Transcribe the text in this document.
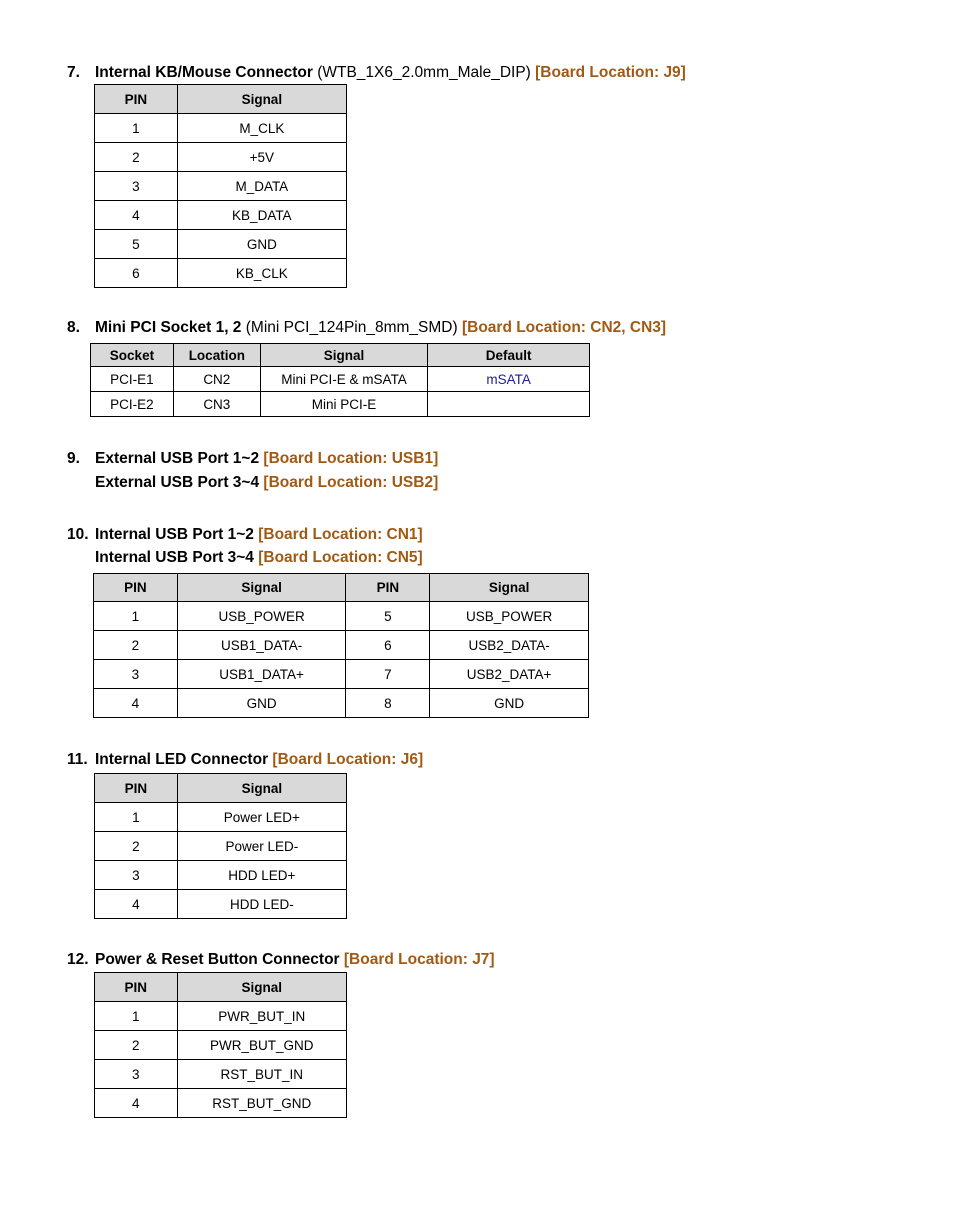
7. Internal KB/Mouse Connector (WTB_1X6_2.0mm_Male_DIP) [Board Location: J9]
PIN	Signal
1	M_CLK
2	+5V
3	M_DATA
4	KB_DATA
5	GND
6	KB_CLK
8. Mini PCI Socket 1, 2 (Mini PCI_124Pin_8mm_SMD) [Board Location: CN2, CN3]
Socket	Location	Signal	Default
PCI-E1	CN2	Mini PCI-E & mSATA	mSATA
PCI-E2	CN3	Mini PCI-E	
9. External USB Port 1~2 [Board Location: USB1]
External USB Port 3~4 [Board Location: USB2]
10. Internal USB Port 1~2 [Board Location: CN1]
Internal USB Port 3~4 [Board Location: CN5]
PIN	Signal	PIN	Signal
1	USB_POWER	5	USB_POWER
2	USB1_DATA-	6	USB2_DATA-
3	USB1_DATA+	7	USB2_DATA+
4	GND	8	GND
11. Internal LED Connector [Board Location: J6]
PIN	Signal
1	Power LED+
2	Power LED-
3	HDD LED+
4	HDD LED-
12. Power & Reset Button Connector [Board Location: J7]
PIN	Signal
1	PWR_BUT_IN
2	PWR_BUT_GND
3	RST_BUT_IN
4	RST_BUT_GND
